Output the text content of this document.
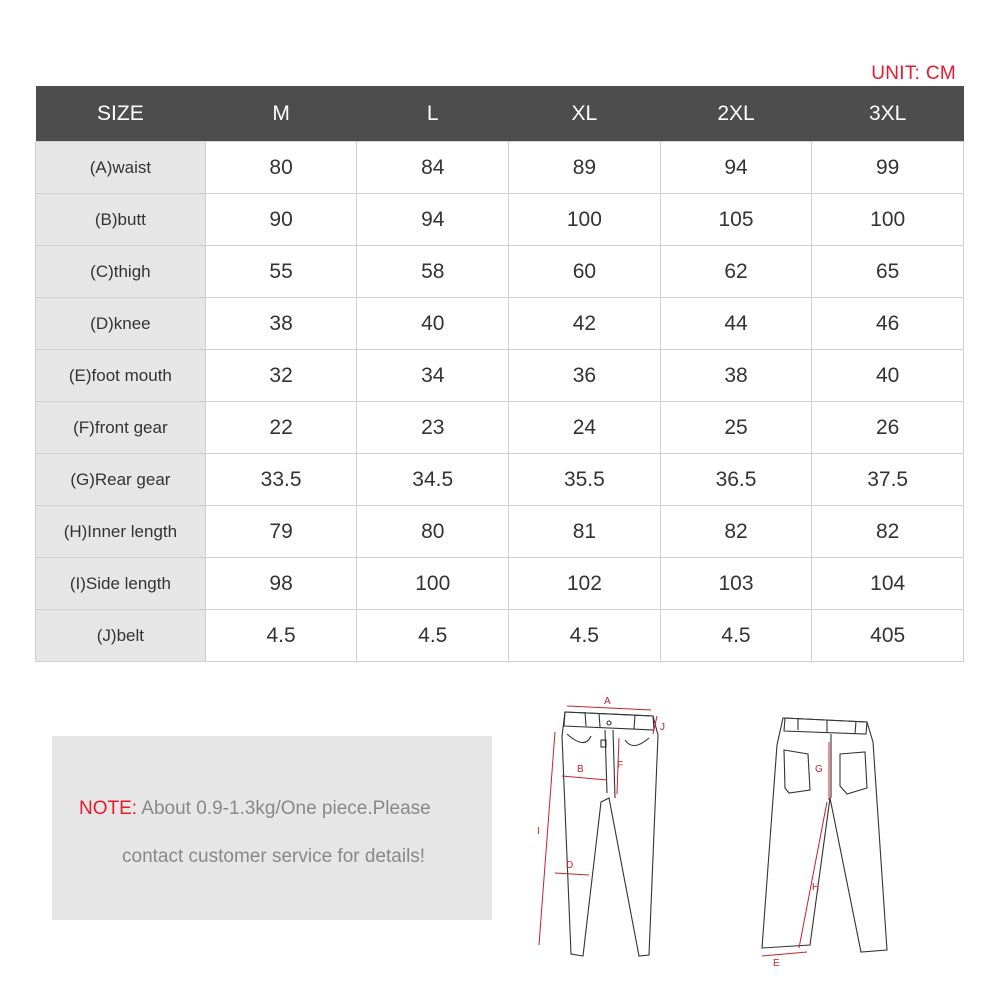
UNIT: CM
SIZE	M	L	XL	2XL	3XL
(A)waist	80	84	89	94	99
(B)butt	90	94	100	105	100
(C)thigh	55	58	60	62	65
(D)knee	38	40	42	44	46
(E)foot mouth	32	34	36	38	40
(F)front gear	22	23	24	25	26
(G)Rear gear	33.5	34.5	35.5	36.5	37.5
(H)Inner length	79	80	81	82	82
(I)Side length	98	100	102	103	104
(J)belt	4.5	4.5	4.5	4.5	405
NOTE: About 0.9-1.3kg/One piece.Please
contact customer service for details!
A
J
B	F
I
D
G
H
E
